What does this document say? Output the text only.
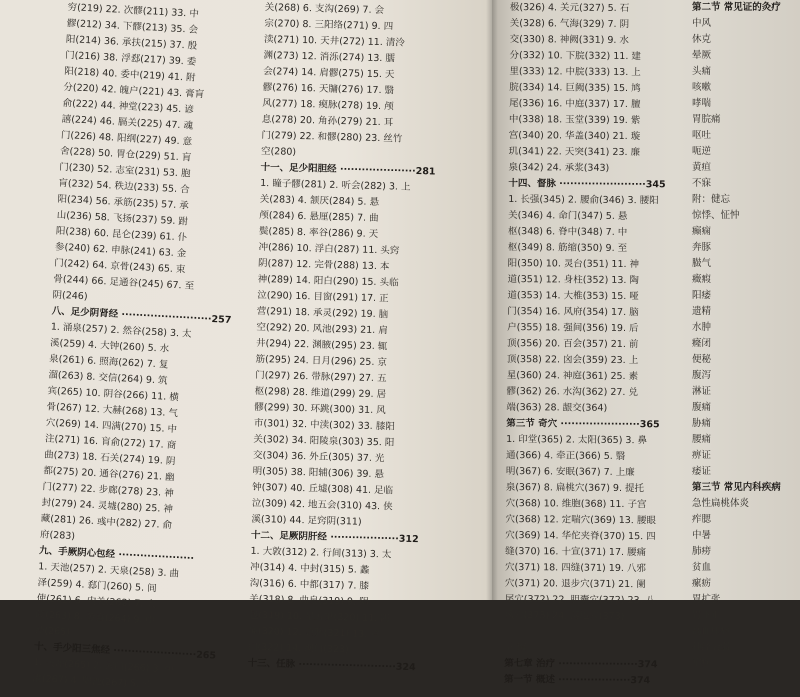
穷(219) 22. 次髎(211) 33. 中
髎(212) 34. 下髎(213) 35. 会
阳(214) 36. 承扶(215) 37. 殷
门(216) 38. 浮郄(217) 39. 委
阳(218) 40. 委中(219) 41. 附
分(220) 42. 魄户(221) 43. 膏肓
俞(222) 44. 神堂(223) 45. 谚
譆(224) 46. 膈关(225) 47. 魂
门(226) 48. 阳纲(227) 49. 意
舍(228) 50. 胃仓(229) 51. 肓
门(230) 52. 志室(231) 53. 胞
肓(232) 54. 秩边(233) 55. 合
阳(234) 56. 承筋(235) 57. 承
山(236) 58. 飞扬(237) 59. 跗
阳(238) 60. 昆仑(239) 61. 仆
参(240) 62. 申脉(241) 63. 金
门(242) 64. 京骨(243) 65. 束
骨(244) 66. 足通谷(245) 67. 至
阴(246)
八、足少阴肾经 ·························257
1. 涌泉(257) 2. 然谷(258) 3. 太
溪(259) 4. 大钟(260) 5. 水
泉(261) 6. 照海(262) 7. 复
溜(263) 8. 交信(264) 9. 筑
宾(265) 10. 阴谷(266) 11. 横
骨(267) 12. 大赫(268) 13. 气
穴(269) 14. 四满(270) 15. 中
注(271) 16. 肓俞(272) 17. 商
曲(273) 18. 石关(274) 19. 阴
都(275) 20. 通谷(276) 21. 幽
门(277) 22. 步廊(278) 23. 神
封(279) 24. 灵墟(280) 25. 神
藏(281) 26. 彧中(282) 27. 俞
府(283)
九、手厥阴心包经 ·····················
1. 天池(257) 2. 天泉(258) 3. 曲
泽(259) 4. 郄门(260) 5. 间
使(261) 6. 内关(262) 7. 大
陵(263) 8. 劳宫(264) 9. 中
冲(265)
十、手少阳三焦经 ·······················265
1. 关冲(265) 2. 液门(266) 3. 中
渚(267) 4. 阳池(267) 5. 外
关(268) 6. 支沟(269) 7. 会
宗(270) 8. 三阳络(271) 9. 四
渎(271) 10. 天井(272) 11. 清泠
渊(273) 12. 消泺(274) 13. 臑
会(274) 14. 肩髎(275) 15. 天
髎(276) 16. 天牖(276) 17. 翳
风(277) 18. 瘈脉(278) 19. 颅
息(278) 20. 角孙(279) 21. 耳
门(279) 22. 和髎(280) 23. 丝竹
空(280)
十一、足少阳胆经 ·····················281
1. 瞳子髎(281) 2. 听会(282) 3. 上
关(283) 4. 颔厌(284) 5. 悬
颅(284) 6. 悬厘(285) 7. 曲
鬓(285) 8. 率谷(286) 9. 天
冲(286) 10. 浮白(287) 11. 头窍
阴(287) 12. 完骨(288) 13. 本
神(289) 14. 阳白(290) 15. 头临
泣(290) 16. 目窗(291) 17. 正
营(291) 18. 承灵(292) 19. 脑
空(292) 20. 风池(293) 21. 肩
井(294) 22. 渊腋(295) 23. 辄
筋(295) 24. 日月(296) 25. 京
门(297) 26. 带脉(297) 27. 五
枢(298) 28. 维道(299) 29. 居
髎(299) 30. 环跳(300) 31. 风
市(301) 32. 中渎(302) 33. 膝阳
关(302) 34. 阳陵泉(303) 35. 阳
交(304) 36. 外丘(305) 37. 光
明(305) 38. 阳辅(306) 39. 悬
钟(307) 40. 丘墟(308) 41. 足临
泣(309) 42. 地五会(310) 43. 侠
溪(310) 44. 足窍阴(311)
十二、足厥阴肝经 ···················312
1. 大敦(312) 2. 行间(313) 3. 太
冲(314) 4. 中封(315) 5. 蠡
沟(316) 6. 中都(317) 7. 膝
关(318) 8. 曲泉(319) 9. 阴
包(319) 10. 足五里(320) 11. 阴
廉(320) 12. 急脉(321) 13. 章
门(322) 14. 期门(323)
十三、任脉 ···························324
极(326) 4. 关元(327) 5. 石
关(328) 6. 气海(329) 7. 阴
交(330) 8. 神阙(331) 9. 水
分(332) 10. 下脘(332) 11. 建
里(333) 12. 中脘(333) 13. 上
脘(334) 14. 巨阙(335) 15. 鸠
尾(336) 16. 中庭(337) 17. 膻
中(338) 18. 玉堂(339) 19. 紫
宫(340) 20. 华盖(340) 21. 璇
玑(341) 22. 天突(341) 23. 廉
泉(342) 24. 承浆(343)
十四、督脉 ························345
1. 长强(345) 2. 腰俞(346) 3. 腰阳
关(346) 4. 命门(347) 5. 悬
枢(348) 6. 脊中(348) 7. 中
枢(349) 8. 筋缩(350) 9. 至
阳(350) 10. 灵台(351) 11. 神
道(351) 12. 身柱(352) 13. 陶
道(353) 14. 大椎(353) 15. 哑
门(354) 16. 风府(354) 17. 脑
户(355) 18. 强间(356) 19. 后
顶(356) 20. 百会(357) 21. 前
顶(358) 22. 囟会(359) 23. 上
星(360) 24. 神庭(361) 25. 素
髎(362) 26. 水沟(362) 27. 兑
端(363) 28. 龈交(364)
第三节 奇穴 ······················365
1. 印堂(365) 2. 太阳(365) 3. 鼻
通(366) 4. 牵正(366) 5. 翳
明(367) 6. 安眠(367) 7. 上廉
泉(367) 8. 扁桃穴(367) 9. 提托
穴(368) 10. 维胞(368) 11. 子宫
穴(368) 12. 定喘穴(369) 13. 腰眼
穴(369) 14. 华佗夹脊(370) 15. 四
缝(370) 16. 十宣(371) 17. 腰痛
穴(371) 18. 四缝(371) 19. 八邪
穴(371) 20. 退步穴(371) 21. 阑
尾穴(372) 22. 胆囊穴(372) 23. 八
风穴(373) 24. 落地穴(373)
下 篇
第七章 治疗 ······················374
第一节 概述 ····················374
第二节 常见证的灸疗
中风
休克
晕厥
头痛
咳嗽
哮喘
胃脘痛
呕吐
呃逆
黄疸
不寐
附：健忘
惊悸、怔忡
癫痫
奔豚
臌气
癥瘕
阳痿
遗精
水肿
癃闭
便秘
腹泻
淋证
腹痛
胁痛
腰痛
痹证
痿证
第三节 常见内科疾病
急性扁桃体炎
痄腮
中暑
肺痨
贫血
瘰疬
胃扩张
胃下垂
高血压病
神经衰弱
疟疾
